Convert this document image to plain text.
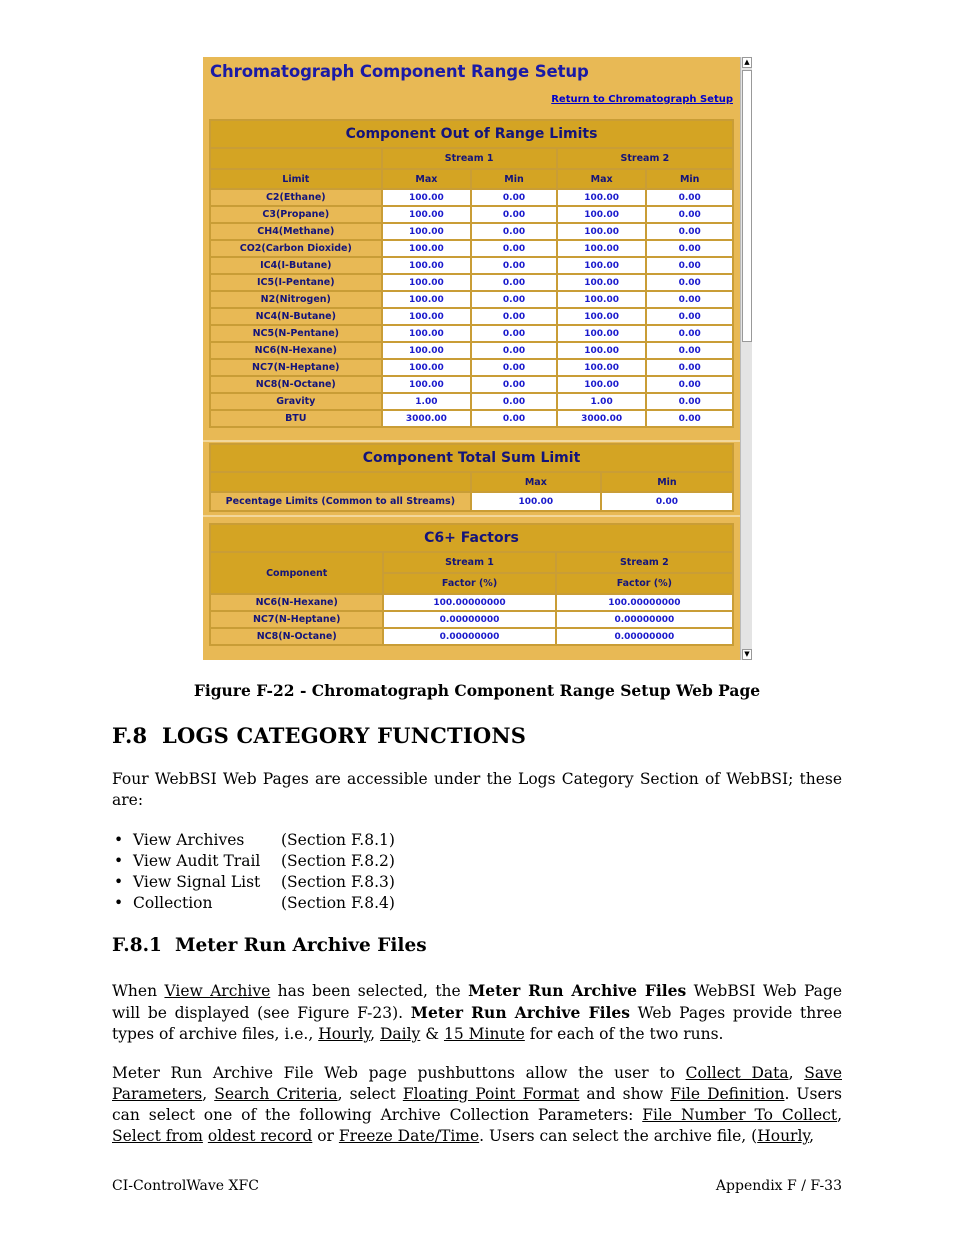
Chromatograph Component Range Setup
Return to Chromatograph Setup
Component Out of Range Limits				
	Stream 1		Stream 2	
Limit	Max	Min	Max	Min
C2(Ethane)	100.00	0.00	100.00	0.00
C3(Propane)	100.00	0.00	100.00	0.00
CH4(Methane)	100.00	0.00	100.00	0.00
CO2(Carbon Dioxide)	100.00	0.00	100.00	0.00
IC4(I-Butane)	100.00	0.00	100.00	0.00
IC5(I-Pentane)	100.00	0.00	100.00	0.00
N2(Nitrogen)	100.00	0.00	100.00	0.00
NC4(N-Butane)	100.00	0.00	100.00	0.00
NC5(N-Pentane)	100.00	0.00	100.00	0.00
NC6(N-Hexane)	100.00	0.00	100.00	0.00
NC7(N-Heptane)	100.00	0.00	100.00	0.00
NC8(N-Octane)	100.00	0.00	100.00	0.00
Gravity	1.00	0.00	1.00	0.00
BTU	3000.00	0.00	3000.00	0.00
Component Total Sum Limit		
	Max	Min
Pecentage Limits (Common to all Streams)	100.00	0.00
C6+ Factors		
Component	Stream 1	Stream 2
	Factor (%)	Factor (%)
NC6(N-Hexane)	100.00000000	100.00000000
NC7(N-Heptane)	0.00000000	0.00000000
NC8(N-Octane)	0.00000000	0.00000000
▲
▼
Figure F-22 - Chromatograph Component Range Setup Web Page
F.8 LOGS CATEGORY FUNCTIONS
Four WebBSI Web Pages are accessible under the Logs Category Section of WebBSI; these are:
• View Archives	(Section F.8.1)
• View Audit Trail	(Section F.8.2)
• View Signal List	(Section F.8.3)
• Collection	(Section F.8.4)
F.8.1 Meter Run Archive Files
When View Archive has been selected, the Meter Run Archive Files WebBSI Web Page will be displayed (see Figure F-23). Meter Run Archive Files Web Pages provide three types of archive files, i.e., Hourly, Daily & 15 Minute for each of the two runs.
Meter Run Archive File Web page pushbuttons allow the user to Collect Data, Save Parameters, Search Criteria, select Floating Point Format and show File Definition. Users can select one of the following Archive Collection Parameters: File Number To Collect, Select from oldest record or Freeze Date/Time. Users can select the archive file, (Hourly,
CI-ControlWave XFC	Appendix F / F-33
